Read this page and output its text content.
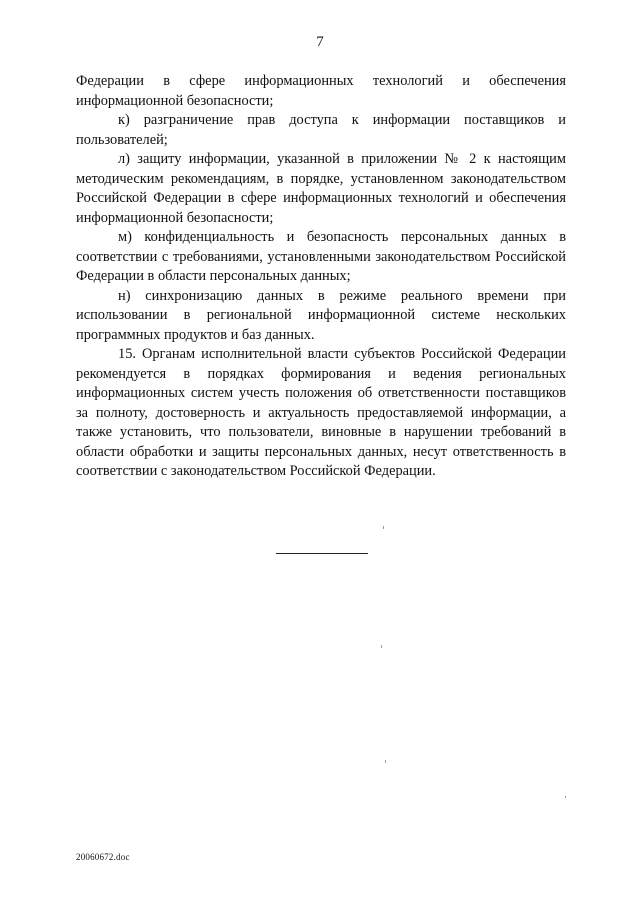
7

Федерации в сфере информационных технологий и обеспечения информационной безопасности;

к) разграничение прав доступа к информации поставщиков и пользователей;

л) защиту информации, указанной в приложении № 2 к настоящим методическим рекомендациям, в порядке, установленном законодательством Российской Федерации в сфере информационных технологий и обеспечения информационной безопасности;

м) конфиденциальность и безопасность персональных данных в соответствии с требованиями, установленными законодательством Российской Федерации в области персональных данных;

н) синхронизацию данных в режиме реального времени при использовании в региональной информационной системе нескольких программных продуктов и баз данных.

15. Органам исполнительной власти субъектов Российской Федерации рекомендуется в порядках формирования и ведения региональных информационных систем учесть положения об ответственности поставщиков за полноту, достоверность и актуальность предоставляемой информации, а также установить, что пользователи, виновные в нарушении требований в области обработки и защиты персональных данных, несут ответственность в соответствии с законодательством Российской Федерации.

20060672.doc
